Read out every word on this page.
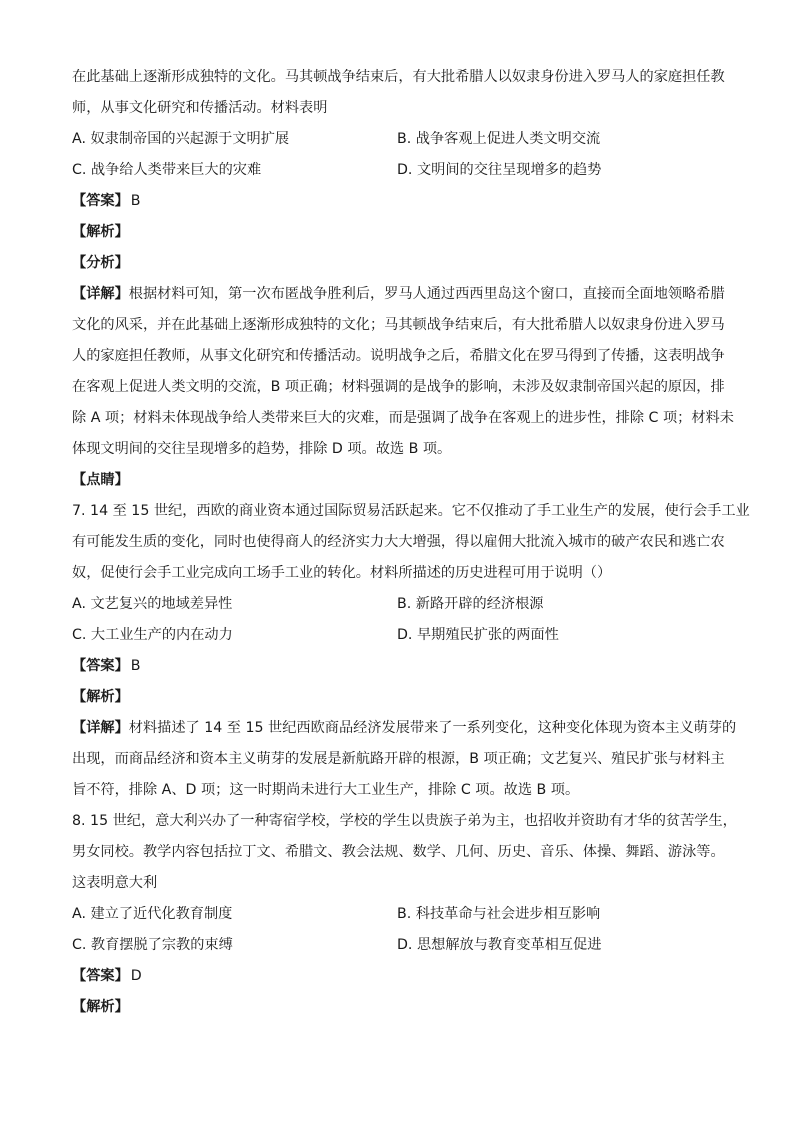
在此基础上逐渐形成独特的文化。马其顿战争结束后，有大批希腊人以奴隶身份进入罗马人的家庭担任教
师，从事文化研究和传播活动。材料表明
A. 奴隶制帝国的兴起源于文明扩展	B. 战争客观上促进人类文明交流
C. 战争给人类带来巨大的灾难	D. 文明间的交往呈现增多的趋势
【答案】 B
【解析】
【分析】
【详解】根据材料可知，第一次布匿战争胜利后，罗马人通过西西里岛这个窗口，直接而全面地领略希腊
文化的风采，并在此基础上逐渐形成独特的文化；马其顿战争结束后，有大批希腊人以奴隶身份进入罗马
人的家庭担任教师，从事文化研究和传播活动。说明战争之后，希腊文化在罗马得到了传播，这表明战争
在客观上促进人类文明的交流，B 项正确；材料强调的是战争的影响，未涉及奴隶制帝国兴起的原因，排
除 A 项；材料未体现战争给人类带来巨大的灾难，而是强调了战争在客观上的进步性，排除 C 项；材料未
体现文明间的交往呈现增多的趋势，排除 D 项。故选 B 项。
【点睛】
7. 14 至 15 世纪，西欧的商业资本通过国际贸易活跃起来。它不仅推动了手工业生产的发展，使行会手工业
有可能发生质的变化，同时也使得商人的经济实力大大增强，得以雇佣大批流入城市的破产农民和逃亡农
奴，促使行会手工业完成向工场手工业的转化。材料所描述的历史进程可用于说明（）
A. 文艺复兴的地域差异性	B. 新路开辟的经济根源
C. 大工业生产的内在动力	D. 早期殖民扩张的两面性
【答案】 B
【解析】
【详解】材料描述了 14 至 15 世纪西欧商品经济发展带来了一系列变化，这种变化体现为资本主义萌芽的
出现，而商品经济和资本主义萌芽的发展是新航路开辟的根源，B 项正确；文艺复兴、殖民扩张与材料主
旨不符，排除 A、D 项；这一时期尚未进行大工业生产，排除 C 项。故选 B 项。
8. 15 世纪，意大利兴办了一种寄宿学校，学校的学生以贵族子弟为主，也招收并资助有才华的贫苦学生，
男女同校。教学内容包括拉丁文、希腊文、教会法规、数学、几何、历史、音乐、体操、舞蹈、游泳等。
这表明意大利
A. 建立了近代化教育制度	B. 科技革命与社会进步相互影响
C. 教育摆脱了宗教的束缚	D. 思想解放与教育变革相互促进
【答案】 D
【解析】
